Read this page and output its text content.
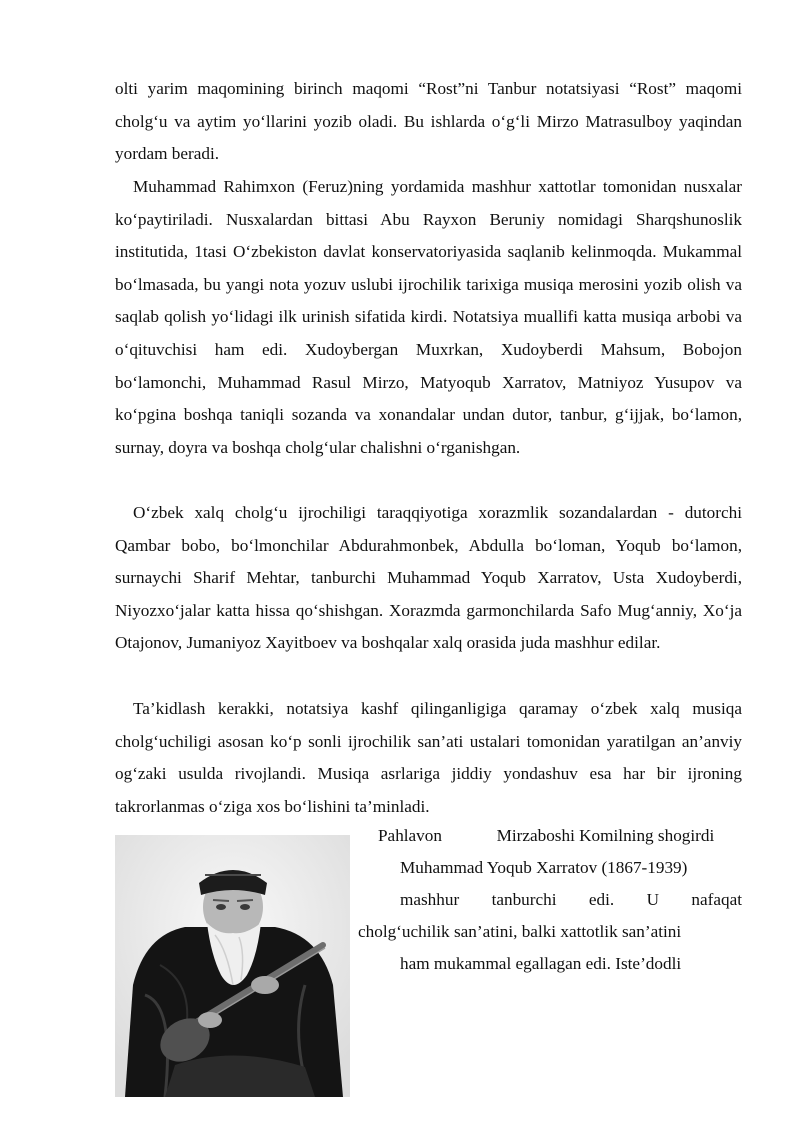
olti yarim maqomining birinch maqomi “Rost”ni Tanbur notatsiyasi “Rost” maqomi cholg‘u va aytim yo‘llarini yozib oladi. Bu ishlarda o‘g‘li Mirzo Matrasulboy yaqindan yordam beradi.

Muhammad Rahimxon (Feruz)ning yordamida mashhur xattotlar tomonidan nusxalar ko‘paytiriladi. Nusxalardan bittasi Abu Rayxon Beruniy nomidagi Sharqshunoslik institutida, 1tasi O‘zbekiston davlat konservatoriyasida saqlanib kelinmoqda. Mukammal bo‘lmasada, bu yangi nota yozuv uslubi ijrochilik tarixiga musiqa merosini yozib olish va saqlab qolish yo‘lidagi ilk urinish sifatida kirdi. Notatsiya muallifi katta musiqa arbobi va o‘qituvchisi ham edi. Xudoybergan Muxrkan, Xudoyberdi Mahsum, Bobojon bo‘lamonchi, Muhammad Rasul Mirzo, Matyoqub Xarratov, Matniyoz Yusupov va ko‘pgina boshqa taniqli sozanda va xonandalar undan dutor, tanbur, g‘ijjak, bo‘lamon, surnay, doyra va boshqa cholg‘ular chalishni o‘rganishgan.

O‘zbek xalq cholg‘u ijrochiligi taraqqiyotiga xorazmlik sozandalardan - dutorchi Qambar bobo, bo‘lmonchilar Abdurahmonbek, Abdulla bo‘loman, Yoqub bo‘lamon, surnaychi Sharif Mehtar, tanburchi Muhammad Yoqub Xarratov, Usta Xudoyberdi, Niyozxo‘jalar katta hissa qo‘shishgan. Xorazmda garmonchilarda Safo Mug‘anniy, Xo‘ja Otajonov, Jumaniyoz Xayitboev va boshqalar xalq orasida juda mashhur edilar.

Ta’kidlash kerakki, notatsiya kashf qilinganligiga qaramay o‘zbek xalq musiqa cholg‘uchiligi asosan ko‘p sonli ijrochilik san’ati ustalari tomonidan yaratilgan an’anviy og‘zaki usulda rivojlandi. Musiqa asrlariga jiddiy yondashuv esa har bir ijroning takrorlanmas o‘ziga xos bo‘lishini ta’minladi.

Pahlavon	Mirzaboshi Komilning shogirdi
Muhammad Yoqub Xarratov (1867-1939)
mashhur tanburchi edi. U nafaqat
cholg‘uchilik san’atini, balki xattotlik san’atini
ham mukammal egallagan edi. Iste’dodli
